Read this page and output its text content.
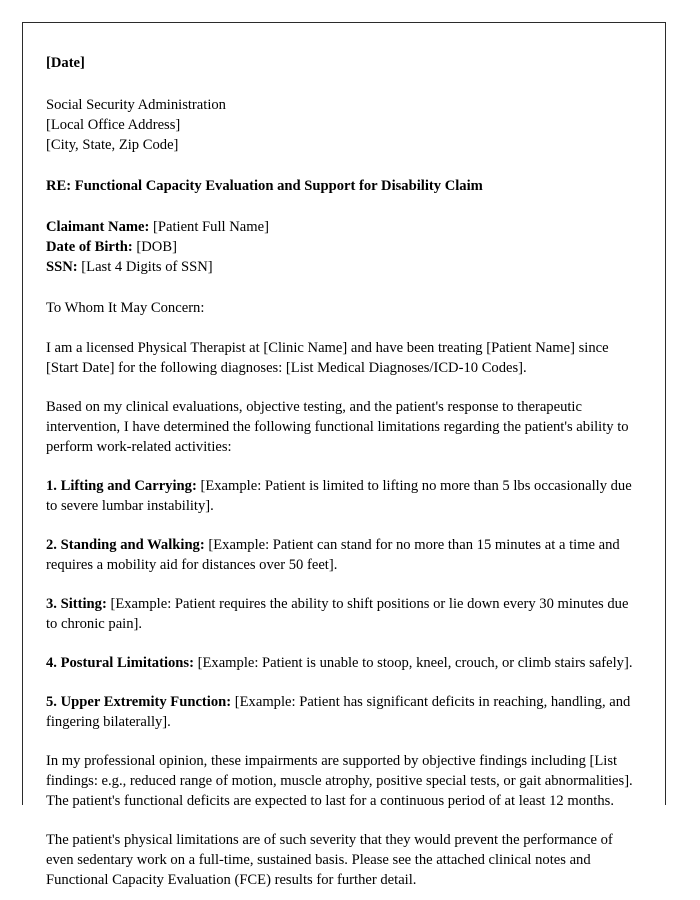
[Date]
Social Security Administration
[Local Office Address]
[City, State, Zip Code]
RE: Functional Capacity Evaluation and Support for Disability Claim
Claimant Name: [Patient Full Name]
Date of Birth: [DOB]
SSN: [Last 4 Digits of SSN]
To Whom It May Concern:
I am a licensed Physical Therapist at [Clinic Name] and have been treating [Patient Name] since [Start Date] for the following diagnoses: [List Medical Diagnoses/ICD-10 Codes].
Based on my clinical evaluations, objective testing, and the patient's response to therapeutic intervention, I have determined the following functional limitations regarding the patient's ability to perform work-related activities:
1. Lifting and Carrying: [Example: Patient is limited to lifting no more than 5 lbs occasionally due to severe lumbar instability].
2. Standing and Walking: [Example: Patient can stand for no more than 15 minutes at a time and requires a mobility aid for distances over 50 feet].
3. Sitting: [Example: Patient requires the ability to shift positions or lie down every 30 minutes due to chronic pain].
4. Postural Limitations: [Example: Patient is unable to stoop, kneel, crouch, or climb stairs safely].
5. Upper Extremity Function: [Example: Patient has significant deficits in reaching, handling, and fingering bilaterally].
In my professional opinion, these impairments are supported by objective findings including [List findings: e.g., reduced range of motion, muscle atrophy, positive special tests, or gait abnormalities]. The patient's functional deficits are expected to last for a continuous period of at least 12 months.
The patient's physical limitations are of such severity that they would prevent the performance of even sedentary work on a full-time, sustained basis. Please see the attached clinical notes and Functional Capacity Evaluation (FCE) results for further detail.
